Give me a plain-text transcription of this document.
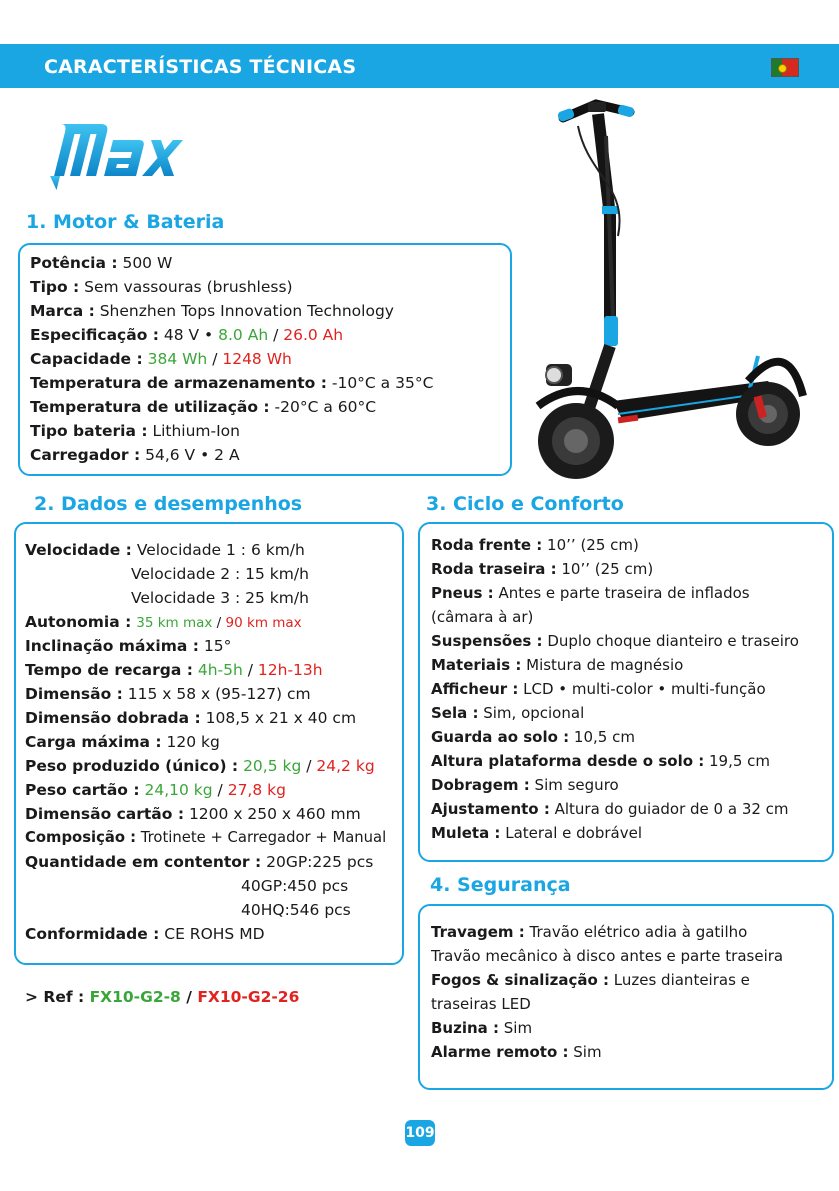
CARACTERÍSTICAS TÉCNICAS
1. Motor & Bateria
Potência : 500 W
Tipo : Sem vassouras (brushless)
Marca : Shenzhen Tops Innovation Technology
Especificação : 48 V • 8.0 Ah / 26.0 Ah
Capacidade : 384 Wh / 1248 Wh
Temperatura de armazenamento : -10°C a 35°C
Temperatura de utilização : -20°C a 60°C
Tipo bateria : Lithium-Ion
Carregador : 54,6 V • 2 A
2. Dados e desempenhos
Velocidade : Velocidade 1 : 6 km/h
Velocidade 2 : 15 km/h
Velocidade 3 : 25 km/h
Autonomia : 35 km max / 90 km max
Inclinação máxima : 15°
Tempo de recarga : 4h-5h / 12h-13h
Dimensão : 115 x 58 x (95-127) cm
Dimensão dobrada : 108,5 x 21 x 40 cm
Carga máxima : 120 kg
Peso produzido (único) : 20,5 kg / 24,2 kg
Peso cartão : 24,10 kg / 27,8 kg
Dimensão cartão : 1200 x 250 x 460 mm
Composição : Trotinete + Carregador + Manual
Quantidade em contentor : 20GP:225 pcs
40GP:450 pcs
40HQ:546 pcs
Conformidade : CE ROHS MD
> Ref : FX10-G2-8 / FX10-G2-26
3. Ciclo e Conforto
Roda frente : 10’’ (25 cm)
Roda traseira : 10’’ (25 cm)
Pneus : Antes e parte traseira de inflados
(câmara à ar)
Suspensões : Duplo choque dianteiro e traseiro
Materiais : Mistura de magnésio
Afficheur : LCD • multi-color • multi-função
Sela : Sim, opcional
Guarda ao solo : 10,5 cm
Altura plataforma desde o solo : 19,5 cm
Dobragem : Sim seguro
Ajustamento : Altura do guiador de 0 a 32 cm
Muleta : Lateral e dobrável
4. Segurança
Travagem : Travão elétrico adia à gatilho
Travão mecânico à disco antes e parte traseira
Fogos & sinalização : Luzes dianteiras e
traseiras LED
Buzina : Sim
Alarme remoto : Sim
109
